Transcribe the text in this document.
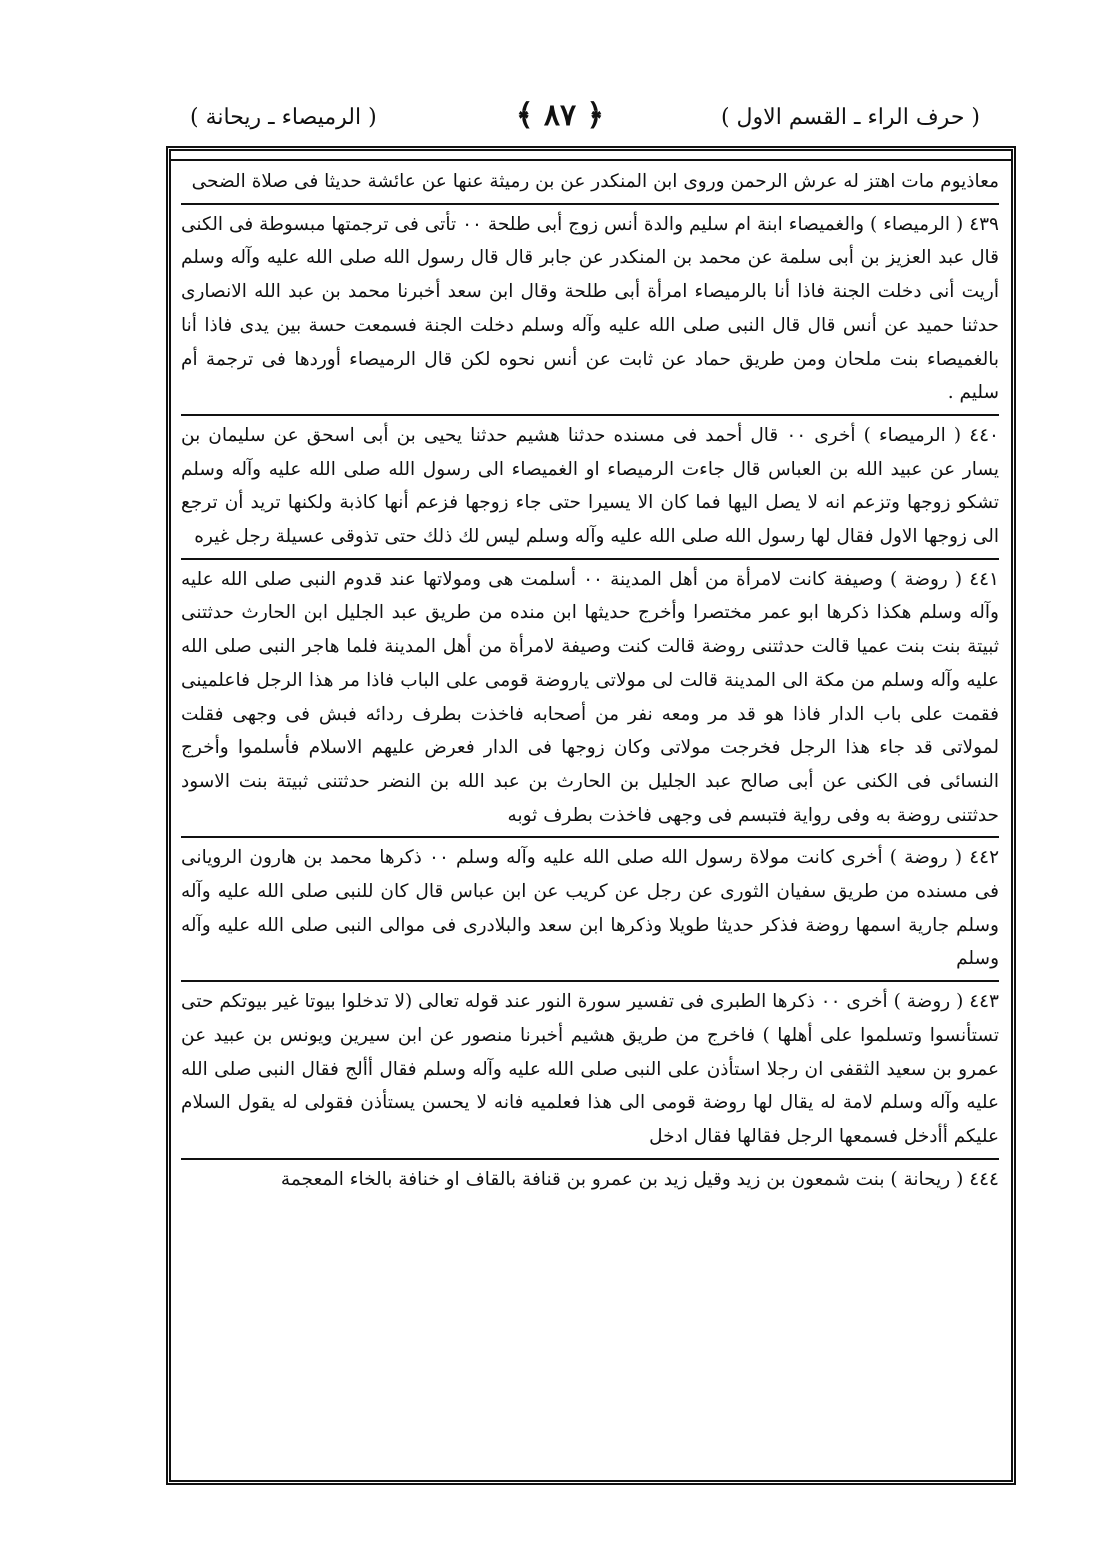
( حرف الراء ـ القسم الاول )
﴿ ٨٧ ﴾
( الرميصاء ـ ريحانة )

معاذيوم مات اهتز له عرش الرحمن وروى ابن المنكدر عن بن رميثة عنها عن عائشة حديثا فى صلاة الضحى

٤٣٩ ( الرميصاء ) والغميصاء ابنة ام سليم والدة أنس زوج أبى طلحة ٠٠ تأتى فى ترجمتها مبسوطة فى الكنى قال عبد العزيز بن أبى سلمة عن محمد بن المنكدر عن جابر قال قال رسول الله صلى الله عليه وآله وسلم أريت أنى دخلت الجنة فاذا أنا بالرميصاء امرأة أبى طلحة وقال ابن سعد أخبرنا محمد بن عبد الله الانصارى حدثنا حميد عن أنس قال قال النبى صلى الله عليه وآله وسلم دخلت الجنة فسمعت حسة بين يدى فاذا أنا بالغميصاء بنت ملحان ومن طريق حماد عن ثابت عن أنس نحوه لكن قال الرميصاء أوردها فى ترجمة أم سليم .

٤٤٠ ( الرميصاء ) أخرى ٠٠ قال أحمد فى مسنده حدثنا هشيم حدثنا يحيى بن أبى اسحق عن سليمان بن يسار عن عبيد الله بن العباس قال جاءت الرميصاء او الغميصاء الى رسول الله صلى الله عليه وآله وسلم تشكو زوجها وتزعم انه لا يصل اليها فما كان الا يسيرا حتى جاء زوجها فزعم أنها كاذبة ولكنها تريد أن ترجع الى زوجها الاول فقال لها رسول الله صلى الله عليه وآله وسلم ليس لك ذلك حتى تذوقى عسيلة رجل غيره

٤٤١ ( روضة ) وصيفة كانت لامرأة من أهل المدينة ٠٠ أسلمت هى ومولاتها عند قدوم النبى صلى الله عليه وآله وسلم هكذا ذكرها ابو عمر مختصرا وأخرج حديثها ابن منده من طريق عبد الجليل ابن الحارث حدثتنى ثبيتة بنت بنت عميا قالت حدثتنى روضة قالت كنت وصيفة لامرأة من أهل المدينة فلما هاجر النبى صلى الله عليه وآله وسلم من مكة الى المدينة قالت لى مولاتى ياروضة قومى على الباب فاذا مر هذا الرجل فاعلمينى فقمت على باب الدار فاذا هو قد مر ومعه نفر من أصحابه فاخذت بطرف ردائه فبش فى وجهى فقلت لمولاتى قد جاء هذا الرجل فخرجت مولاتى وكان زوجها فى الدار فعرض عليهم الاسلام فأسلموا وأخرج النسائى فى الكنى عن أبى صالح عبد الجليل بن الحارث بن عبد الله بن النضر حدثتنى ثبيتة بنت الاسود حدثتنى روضة به وفى رواية فتبسم فى وجهى فاخذت بطرف ثوبه

٤٤٢ ( روضة ) أخرى كانت مولاة رسول الله صلى الله عليه وآله وسلم ٠٠ ذكرها محمد بن هارون الرويانى فى مسنده من طريق سفيان الثورى عن رجل عن كريب عن ابن عباس قال كان للنبى صلى الله عليه وآله وسلم جارية اسمها روضة فذكر حديثا طويلا وذكرها ابن سعد والبلادرى فى موالى النبى صلى الله عليه وآله وسلم

٤٤٣ ( روضة ) أخرى ٠٠ ذكرها الطبرى فى تفسير سورة النور عند قوله تعالى (لا تدخلوا بيوتا غير بيوتكم حتى تستأنسوا وتسلموا على أهلها ) فاخرج من طريق هشيم أخبرنا منصور عن ابن سيرين ويونس بن عبيد عن عمرو بن سعيد الثقفى ان رجلا استأذن على النبى صلى الله عليه وآله وسلم فقال أألج فقال النبى صلى الله عليه وآله وسلم لامة له يقال لها روضة قومى الى هذا فعلميه فانه لا يحسن يستأذن فقولى له يقول السلام عليكم أأدخل فسمعها الرجل فقالها فقال ادخل

٤٤٤ ( ريحانة ) بنت شمعون بن زيد وقيل زيد بن عمرو بن قنافة بالقاف او خنافة بالخاء المعجمة
